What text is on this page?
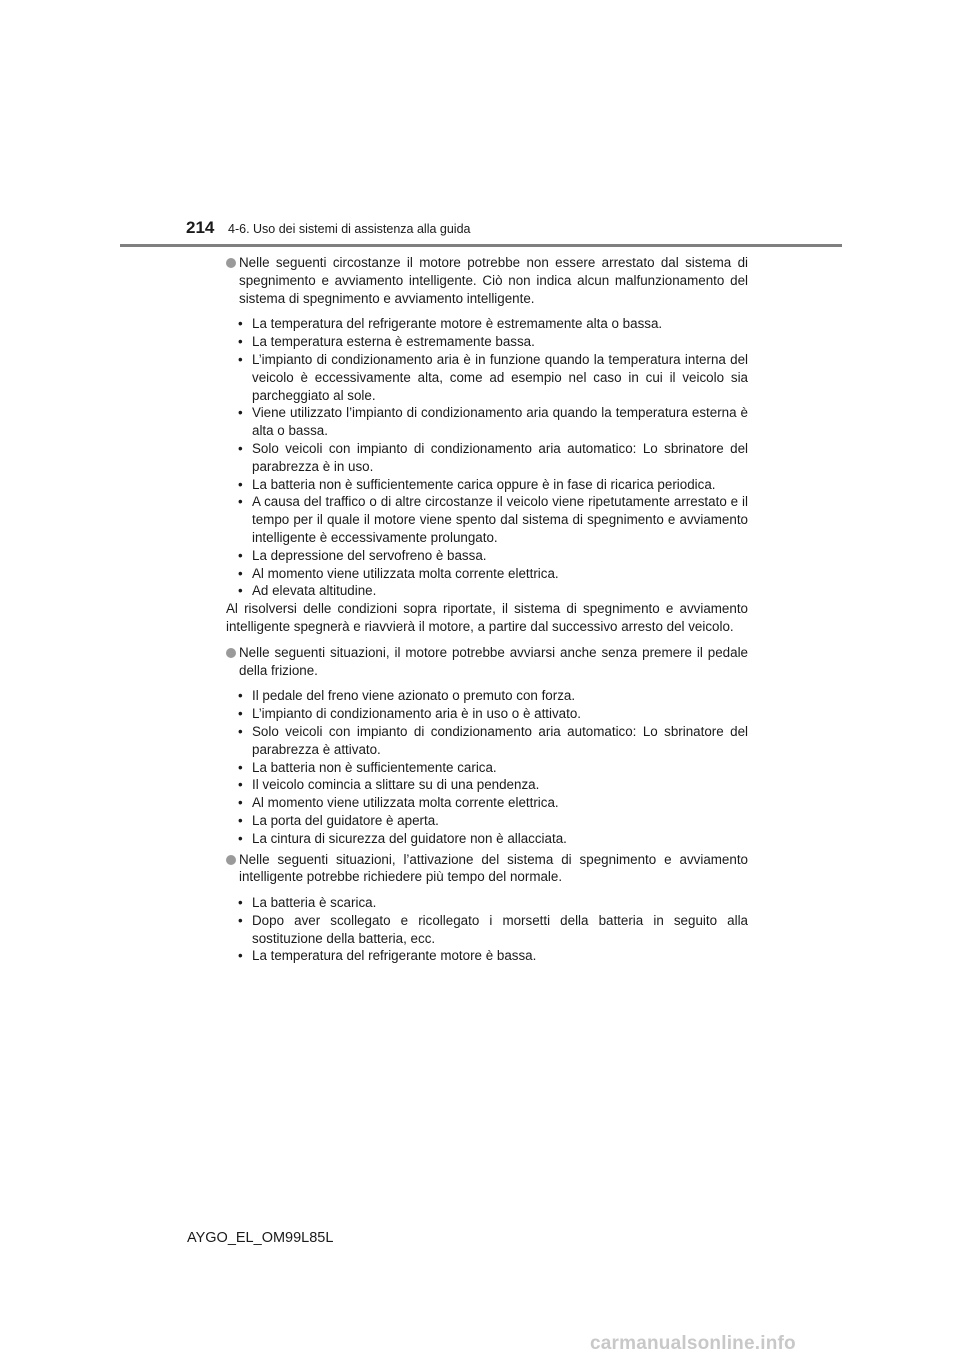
214 4-6. Uso dei sistemi di assistenza alla guida
Nelle seguenti circostanze il motore potrebbe non essere arrestato dal sistema di spegnimento e avviamento intelligente. Ciò non indica alcun malfunzionamento del sistema di spegnimento e avviamento intelligente.
• La temperatura del refrigerante motore è estremamente alta o bassa.
• La temperatura esterna è estremamente bassa.
• L’impianto di condizionamento aria è in funzione quando la temperatura interna del veicolo è eccessivamente alta, come ad esempio nel caso in cui il veicolo sia parcheggiato al sole.
• Viene utilizzato l’impianto di condizionamento aria quando la temperatura esterna è alta o bassa.
• Solo veicoli con impianto di condizionamento aria automatico: Lo sbrinatore del parabrezza è in uso.
• La batteria non è sufficientemente carica oppure è in fase di ricarica periodica.
• A causa del traffico o di altre circostanze il veicolo viene ripetutamente arrestato e il tempo per il quale il motore viene spento dal sistema di spegnimento e avviamento intelligente è eccessivamente prolungato.
• La depressione del servofreno è bassa.
• Al momento viene utilizzata molta corrente elettrica.
• Ad elevata altitudine.
Al risolversi delle condizioni sopra riportate, il sistema di spegnimento e avviamento intelligente spegnerà e riavvierà il motore, a partire dal successivo arresto del veicolo.
Nelle seguenti situazioni, il motore potrebbe avviarsi anche senza premere il pedale della frizione.
• Il pedale del freno viene azionato o premuto con forza.
• L’impianto di condizionamento aria è in uso o è attivato.
• Solo veicoli con impianto di condizionamento aria automatico: Lo sbrinatore del parabrezza è attivato.
• La batteria non è sufficientemente carica.
• Il veicolo comincia a slittare su di una pendenza.
• Al momento viene utilizzata molta corrente elettrica.
• La porta del guidatore è aperta.
• La cintura di sicurezza del guidatore non è allacciata.
Nelle seguenti situazioni, l’attivazione del sistema di spegnimento e avviamento intelligente potrebbe richiedere più tempo del normale.
• La batteria è scarica.
• Dopo aver scollegato e ricollegato i morsetti della batteria in seguito alla sostituzione della batteria, ecc.
• La temperatura del refrigerante motore è bassa.
AYGO_EL_OM99L85L
carmanualsonline.info
